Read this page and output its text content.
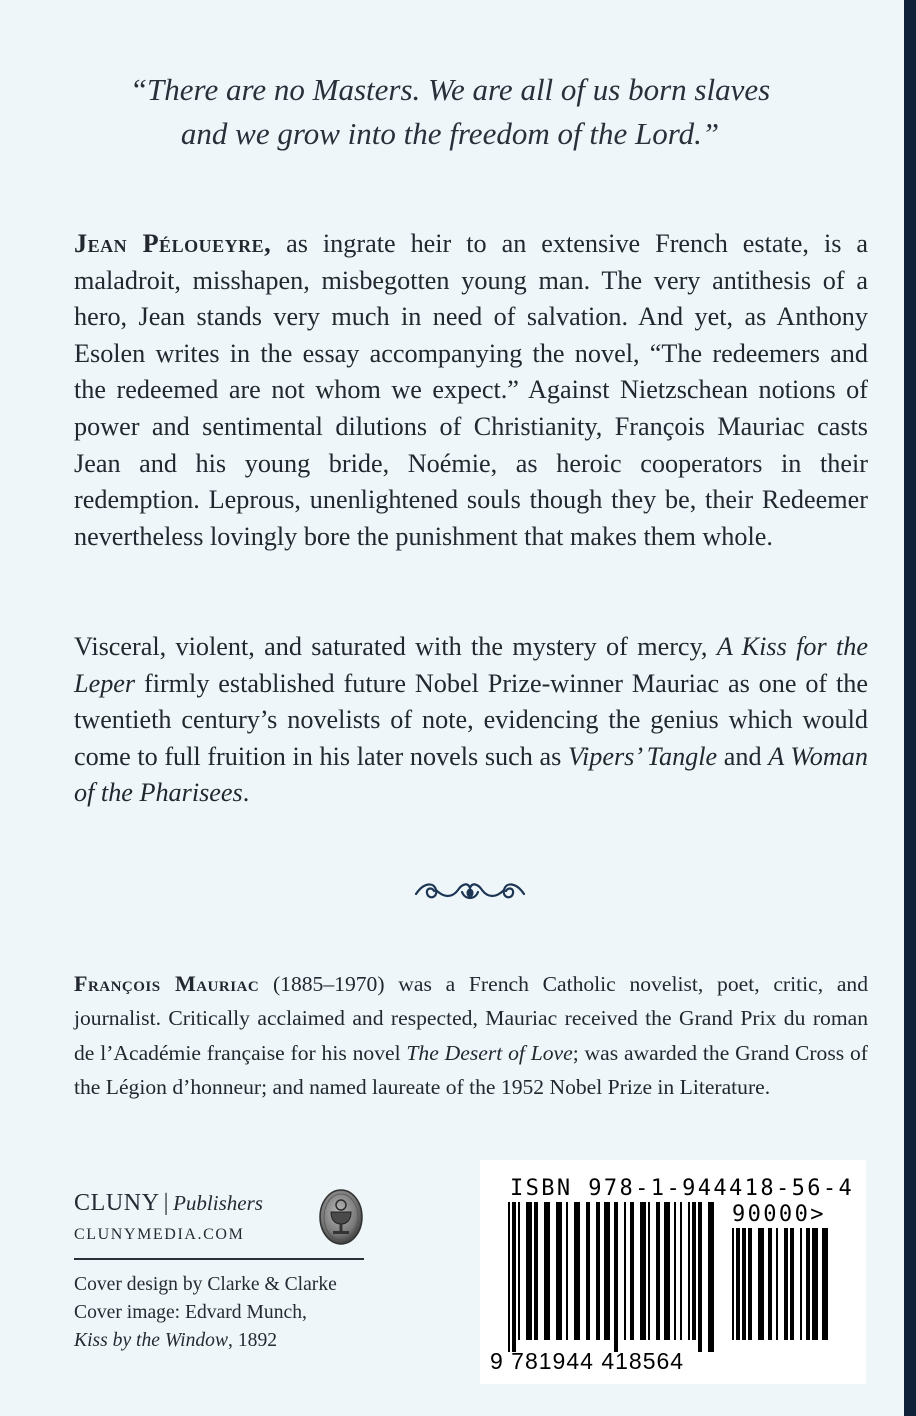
“There are no Masters. We are all of us born slaves
and we grow into the freedom of the Lord.”

Jean Péloueyre, as ingrate heir to an extensive French estate, is a maladroit, misshapen, misbegotten young man. The very antithesis of a hero, Jean stands very much in need of salvation. And yet, as Anthony Esolen writes in the essay accompanying the novel, “The redeemers and the redeemed are not whom we expect.” Against Nietzschean notions of power and sentimental dilutions of Christianity, François Mauriac casts Jean and his young bride, Noémie, as heroic cooperators in their redemption. Leprous, unenlightened souls though they be, their Redeemer nevertheless lovingly bore the punishment that makes them whole.

Visceral, violent, and saturated with the mystery of mercy, A Kiss for the Leper firmly established future Nobel Prize-winner Mauriac as one of the twentieth century’s novelists of note, evidencing the genius which would come to full fruition in his later novels such as Vipers’ Tangle and A Woman of the Pharisees.

François Mauriac (1885–1970) was a French Catholic novelist, poet, critic, and journalist. Critically acclaimed and respected, Mauriac received the Grand Prix du roman de l’Académie française for his novel The Desert of Love; was awarded the Grand Cross of the Légion d’honneur; and named laureate of the 1952 Nobel Prize in Literature.

CLUNY | Publishers
CLUNYMEDIA.COM
Cover design by Clarke & Clarke
Cover image: Edvard Munch,
Kiss by the Window, 1892
ISBN 978-1-944418-56-4
90000>
9 781944 418564
